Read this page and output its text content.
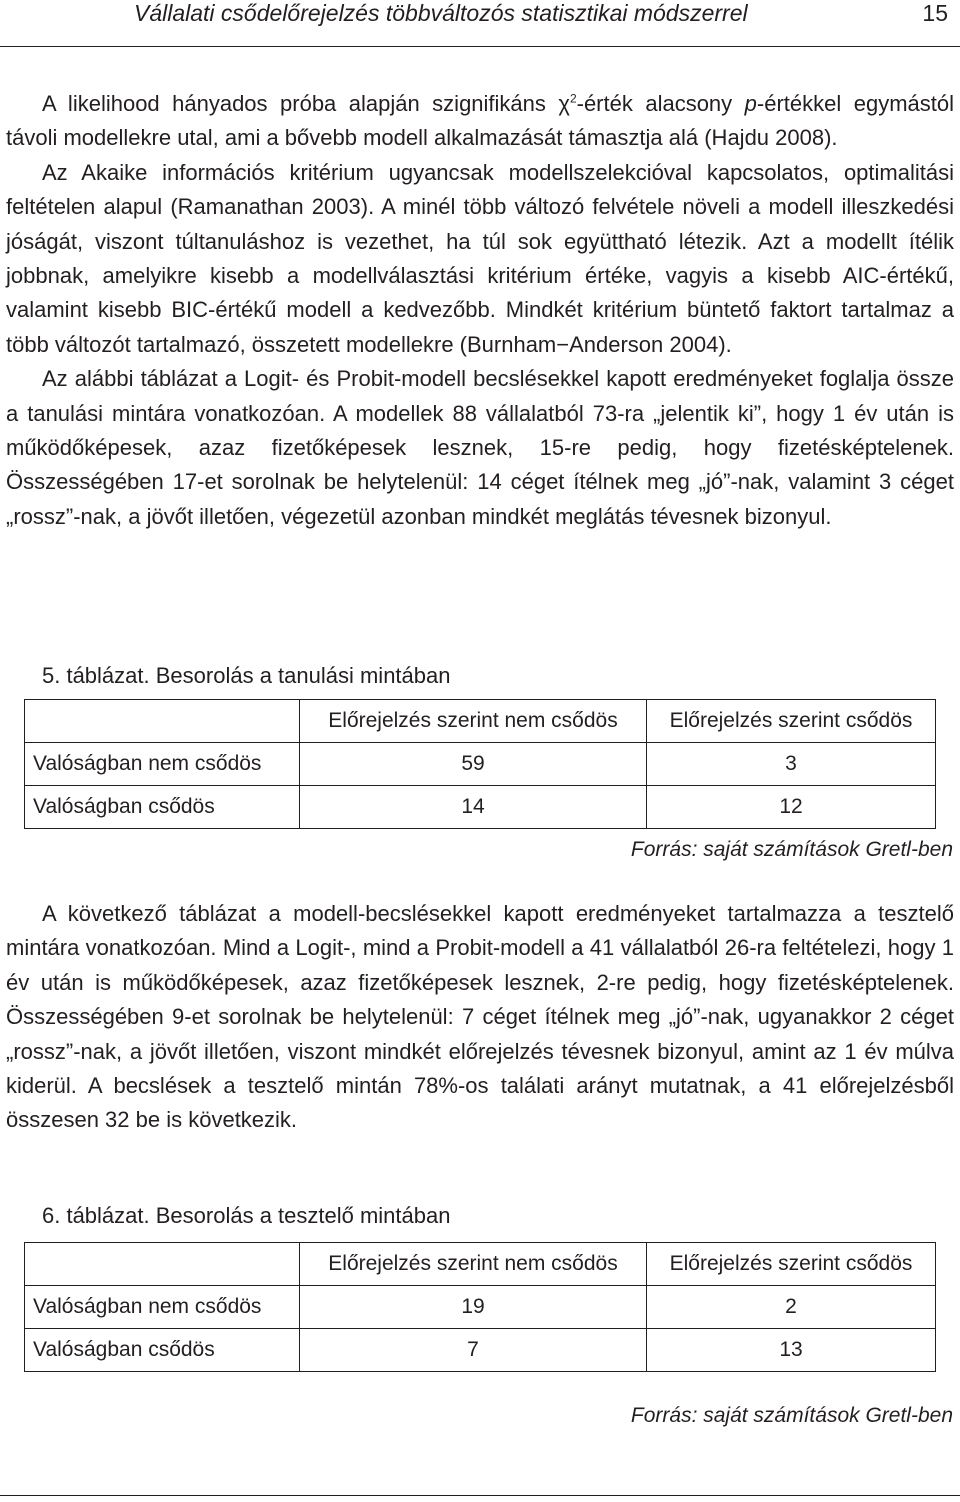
Vállalati csődelőrejelzés többváltozós statisztikai módszerrel	15

A likelihood hányados próba alapján szignifikáns $\chi^2$-érték alacsony p-értékkel egymástól távoli modellekre utal, ami a bővebb modell alkalmazását támasztja alá (Hajdu 2008).

Az Akaike információs kritérium ugyancsak modellszelekcióval kapcsolatos, optimalitási feltételen alapul (Ramanathan 2003). A minél több változó felvétele növeli a modell illeszkedési jóságát, viszont túltanuláshoz is vezethet, ha túl sok együttható létezik. Azt a modellt ítélik jobbnak, amelyikre kisebb a modellválasztási kritérium értéke, vagyis a kisebb AIC-értékű, valamint kisebb BIC-értékű modell a kedvezőbb. Mindkét kritérium büntető faktort tartalmaz a több változót tartalmazó, összetett modellekre (Burnham−Anderson 2004).

Az alábbi táblázat a Logit- és Probit-modell becslésekkel kapott eredményeket foglalja össze a tanulási mintára vonatkozóan. A modellek 88 vállalatból 73-ra „jelentik ki”, hogy 1 év után is működőképesek, azaz fizetőképesek lesznek, 15-re pedig, hogy fizetésképtelenek. Összességében 17-et sorolnak be helytelenül: 14 céget ítélnek meg „jó”-nak, valamint 3 céget „rossz”-nak, a jövőt illetően, végezetül azonban mindkét meglátás tévesnek bizonyul.

5. táblázat. Besorolás a tanulási mintában
	Előrejelzés szerint nem csődös	Előrejelzés szerint csődös
Valóságban nem csődös	59	3
Valóságban csődös	14	12
Forrás: saját számítások Gretl-ben

A következő táblázat a modell-becslésekkel kapott eredményeket tartalmazza a tesztelő mintára vonatkozóan. Mind a Logit-, mind a Probit-modell a 41 vállalatból 26-ra feltételezi, hogy 1 év után is működőképesek, azaz fizetőképesek lesznek, 2-re pedig, hogy fizetésképtelenek. Összességében 9-et sorolnak be helytelenül: 7 céget ítélnek meg „jó”-nak, ugyanakkor 2 céget „rossz”-nak, a jövőt illetően, viszont mindkét előrejelzés tévesnek bizonyul, amint az 1 év múlva kiderül. A becslések a tesztelő mintán 78%-os találati arányt mutatnak, a 41 előrejelzésből összesen 32 be is következik.

6. táblázat. Besorolás a tesztelő mintában
	Előrejelzés szerint nem csődös	Előrejelzés szerint csődös
Valóságban nem csődös	19	2
Valóságban csődös	7	13
Forrás: saját számítások Gretl-ben
